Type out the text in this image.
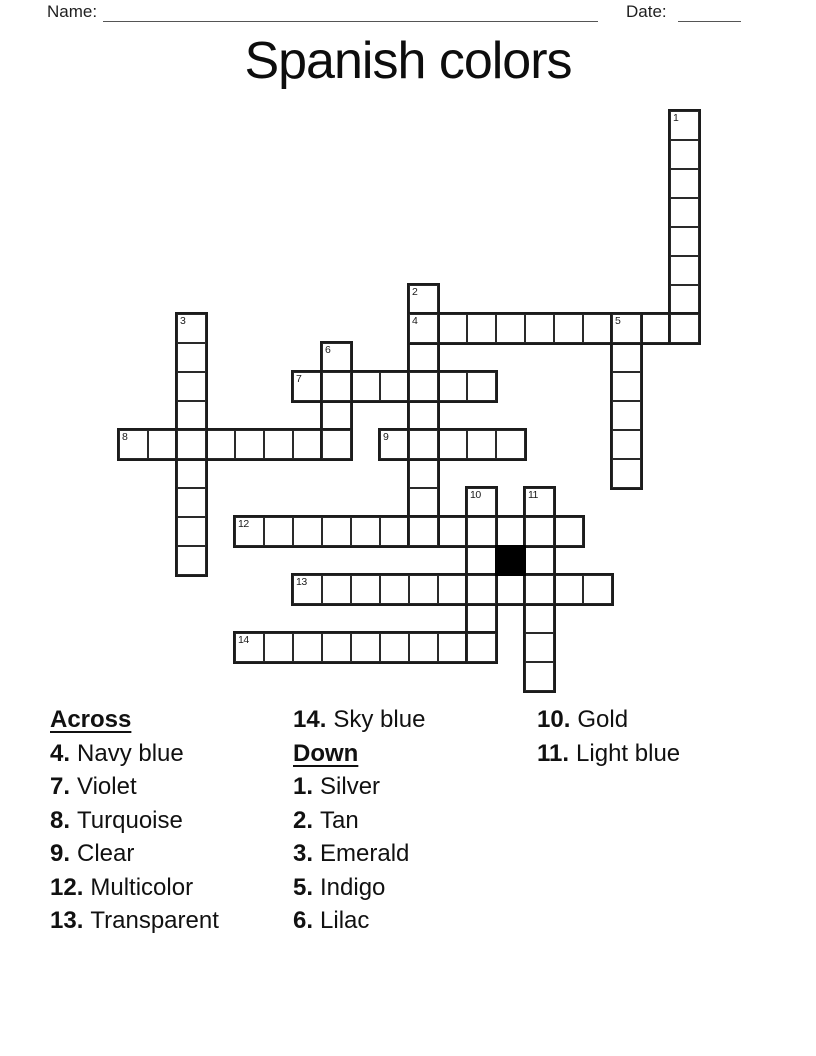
Name:	Date:
Spanish colors
1
2
4
3	5
6
7
8	9
10	11
12
13
14
Across
4. Navy blue
7. Violet
8. Turquoise
9. Clear
12. Multicolor
13. Transparent
14. Sky blue
Down
1. Silver
2. Tan
3. Emerald
5. Indigo
6. Lilac
10. Gold
11. Light blue
